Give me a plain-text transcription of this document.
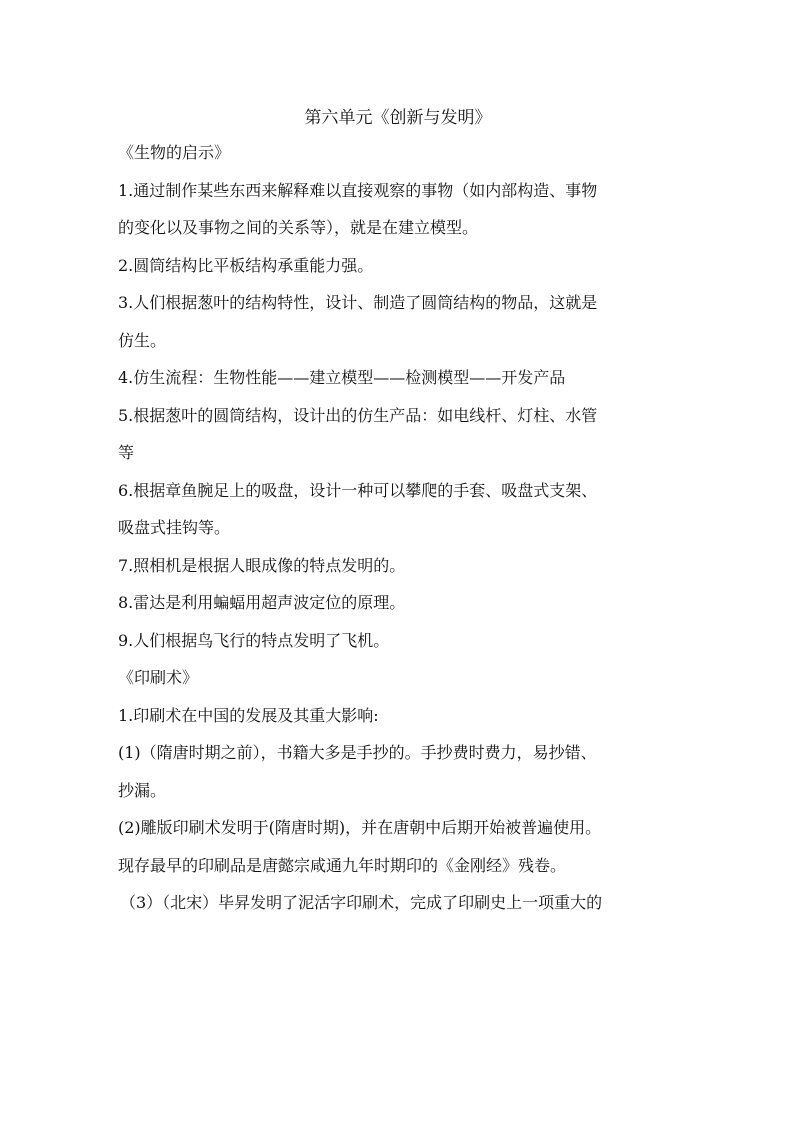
第六单元《创新与发明》

《生物的启示》

1.通过制作某些东西来解释难以直接观察的事物（如内部构造、事物

的变化以及事物之间的关系等），就是在建立模型。

2.圆筒结构比平板结构承重能力强。

3.人们根据葱叶的结构特性，设计、制造了圆筒结构的物品，这就是

仿生。

4.仿生流程：生物性能——建立模型——检测模型——开发产品

5.根据葱叶的圆筒结构，设计出的仿生产品：如电线杆、灯柱、水管

等

6.根据章鱼腕足上的吸盘，设计一种可以攀爬的手套、吸盘式支架、

吸盘式挂钩等。

7.照相机是根据人眼成像的特点发明的。

8.雷达是利用蝙蝠用超声波定位的原理。

9.人们根据鸟飞行的特点发明了飞机。

《印刷术》

1.印刷术在中国的发展及其重大影响:

(1)（隋唐时期之前），书籍大多是手抄的。手抄费时费力，易抄错、

抄漏。

(2)雕版印刷术发明于(隋唐时期)，并在唐朝中后期开始被普遍使用。

现存最早的印刷品是唐懿宗咸通九年时期印的《金刚经》残卷。

（3）（北宋）毕昇发明了泥活字印刷术，完成了印刷史上一项重大的
